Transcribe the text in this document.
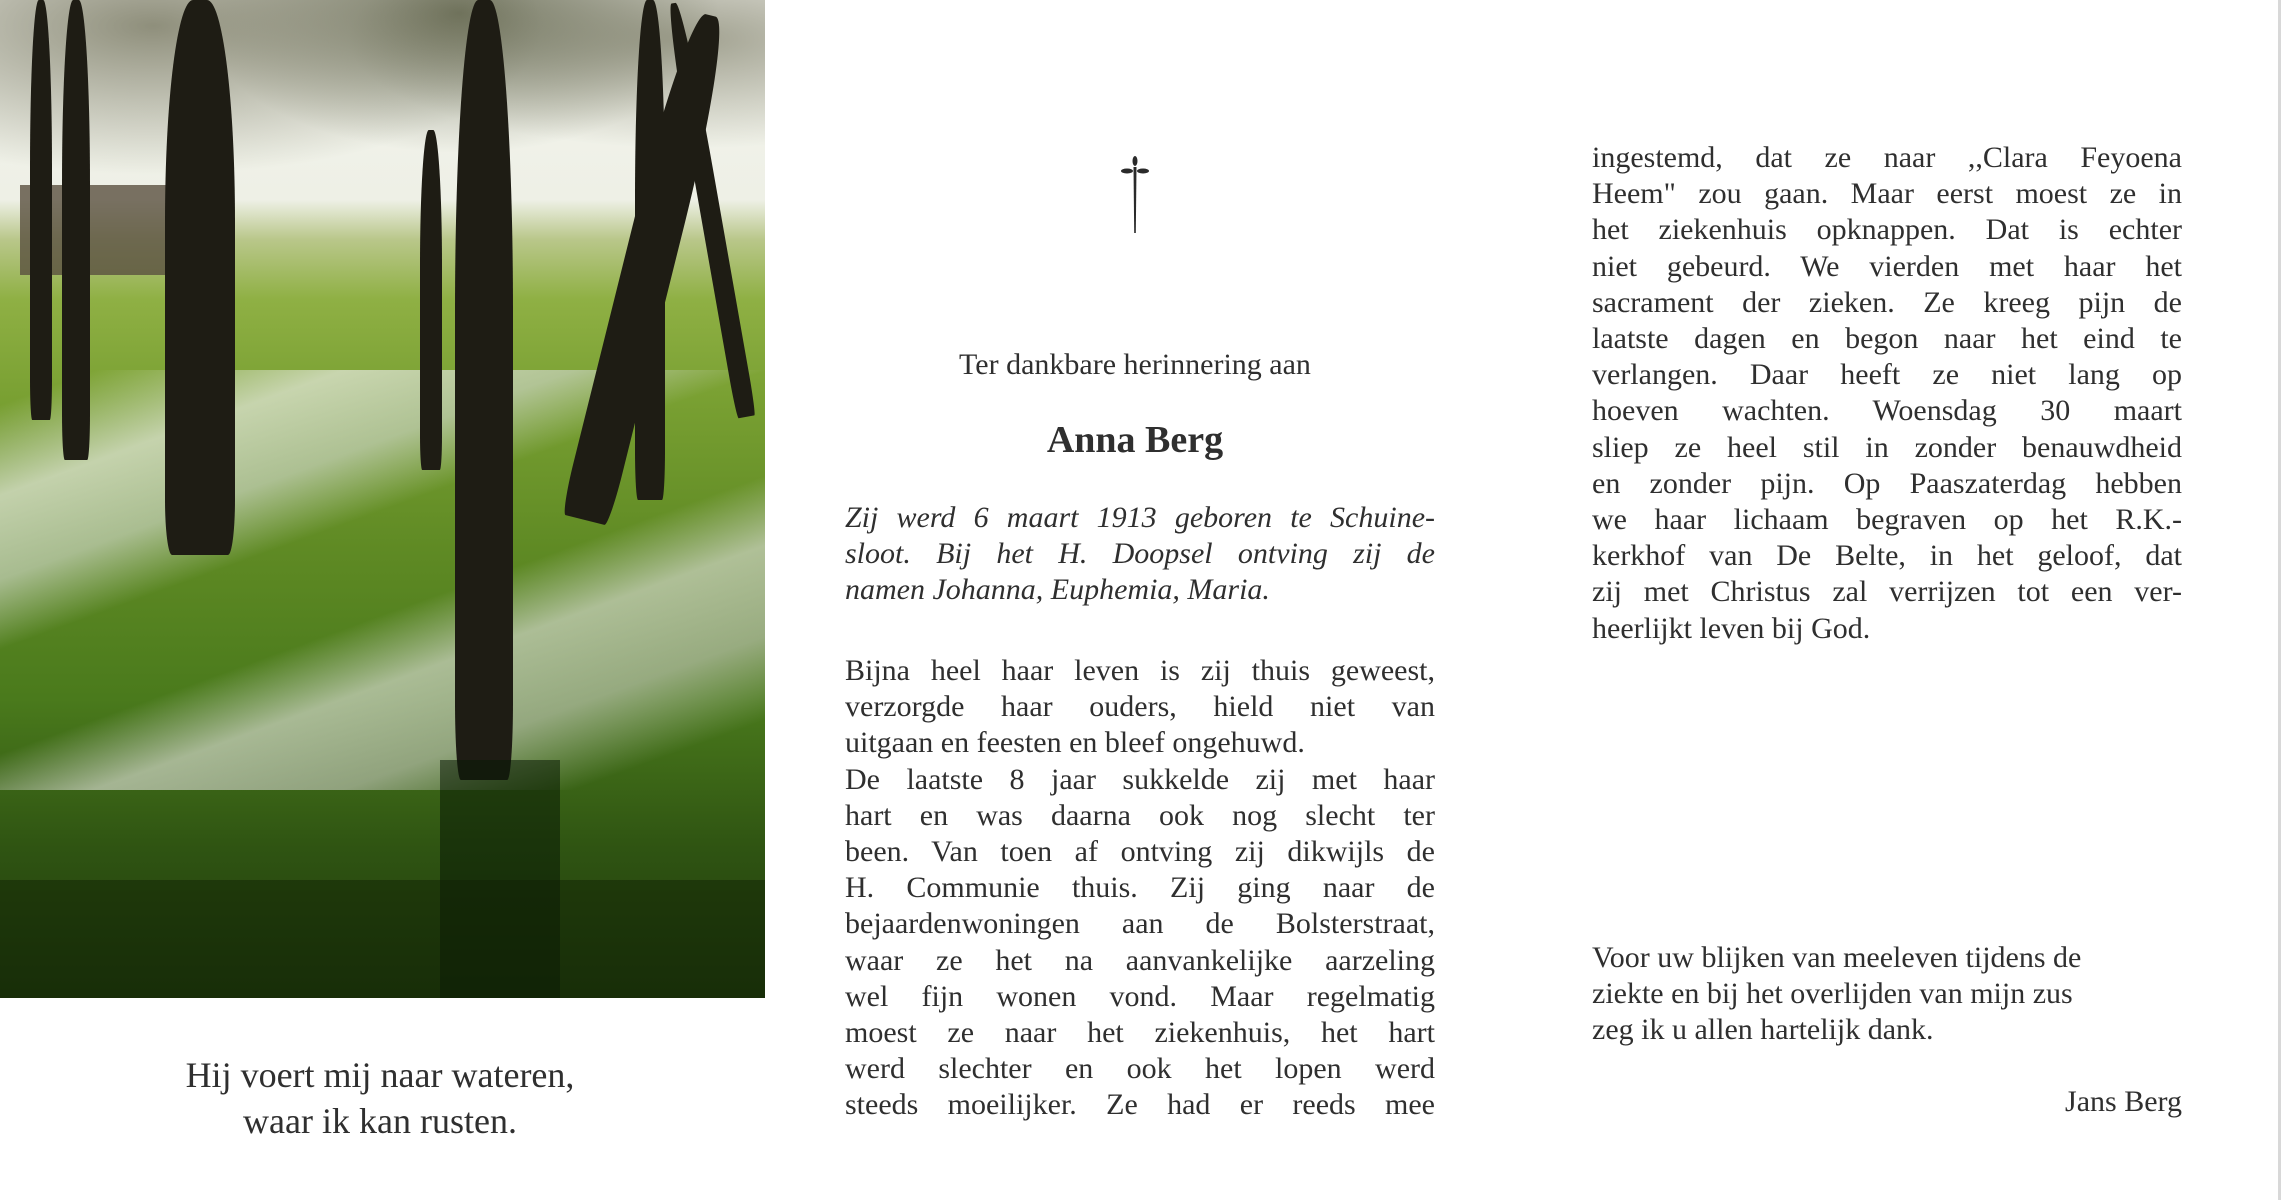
Hij voert mij naar wateren,
waar ik kan rusten.
Ter dankbare herinnering aan
Anna Berg
Zij werd 6 maart 1913 geboren te Schuine-
sloot. Bij het H. Doopsel ontving zij de
namen Johanna, Euphemia, Maria.
Bijna heel haar leven is zij thuis geweest,
verzorgde haar ouders, hield niet van
uitgaan en feesten en bleef ongehuwd.
De laatste 8 jaar sukkelde zij met haar
hart en was daarna ook nog slecht ter
been. Van toen af ontving zij dikwijls de
H. Communie thuis. Zij ging naar de
bejaardenwoningen aan de Bolsterstraat,
waar ze het na aanvankelijke aarzeling
wel fijn wonen vond. Maar regelmatig
moest ze naar het ziekenhuis, het hart
werd slechter en ook het lopen werd
steeds moeilijker. Ze had er reeds mee
ingestemd, dat ze naar ,,Clara Feyoena
Heem" zou gaan. Maar eerst moest ze in
het ziekenhuis opknappen. Dat is echter
niet gebeurd. We vierden met haar het
sacrament der zieken. Ze kreeg pijn de
laatste dagen en begon naar het eind te
verlangen. Daar heeft ze niet lang op
hoeven wachten. Woensdag 30 maart
sliep ze heel stil in zonder benauwdheid
en zonder pijn. Op Paaszaterdag hebben
we haar lichaam begraven op het R.K.-
kerkhof van De Belte, in het geloof, dat
zij met Christus zal verrijzen tot een ver-
heerlijkt leven bij God.
Voor uw blijken van meeleven tijdens de
ziekte en bij het overlijden van mijn zus
zeg ik u allen hartelijk dank.
Jans Berg
